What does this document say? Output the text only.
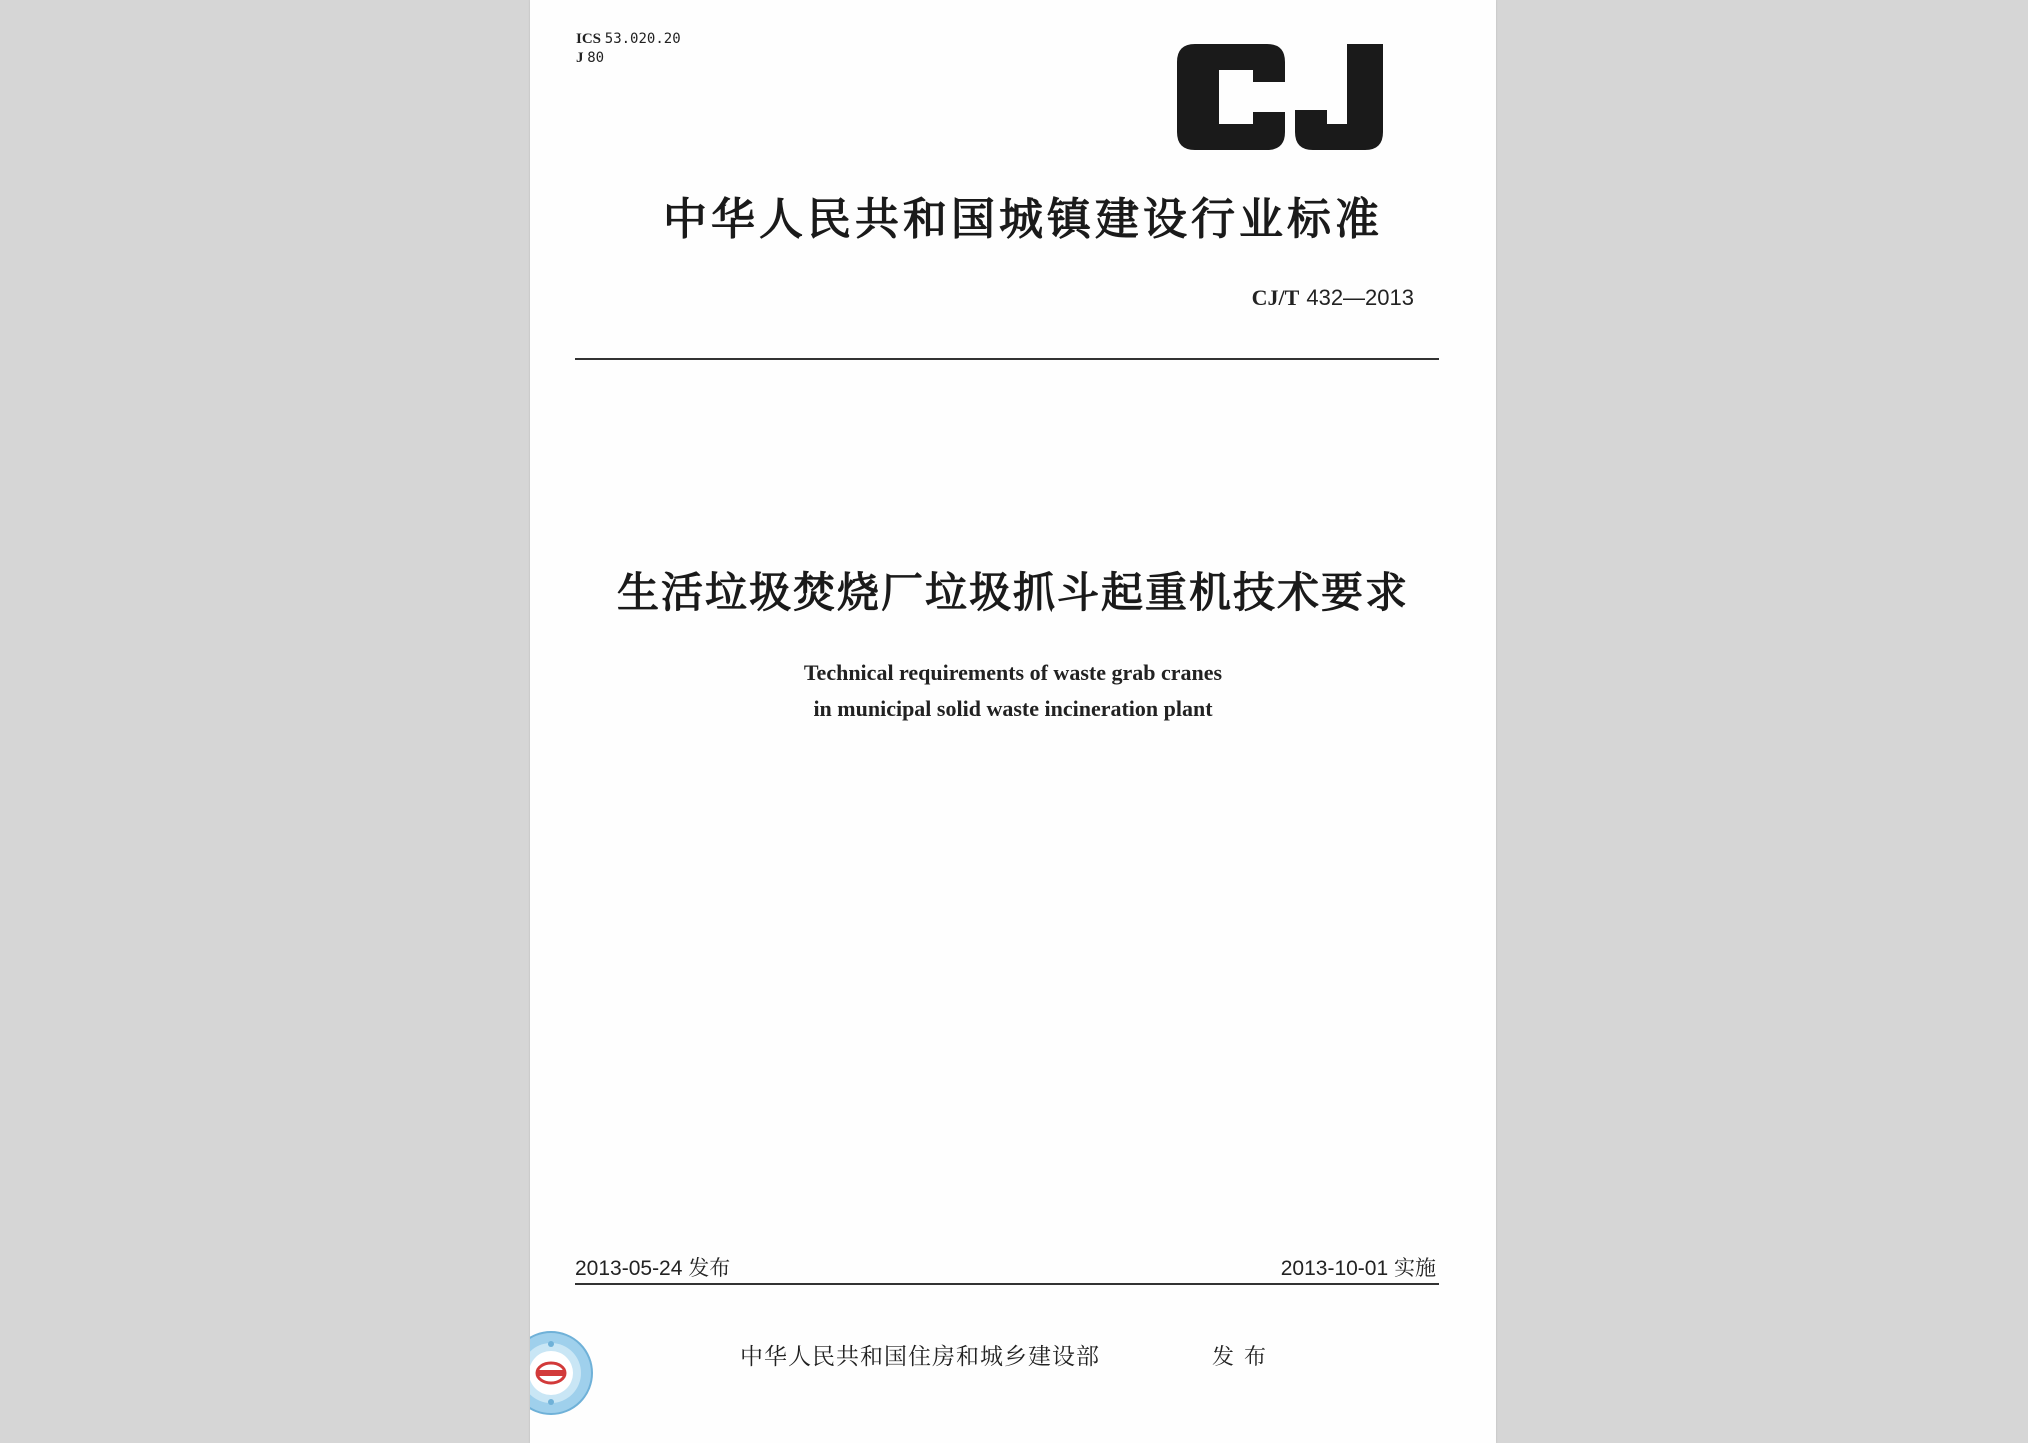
ICS 53.020.20
J 80
中华人民共和国城镇建设行业标准
CJ/T 432—2013
生活垃圾焚烧厂垃圾抓斗起重机技术要求
Technical requirements of waste grab cranes
in municipal solid waste incineration plant
2013-05-24 发布	2013-10-01 实施
中华人民共和国住房和城乡建设部	发布
